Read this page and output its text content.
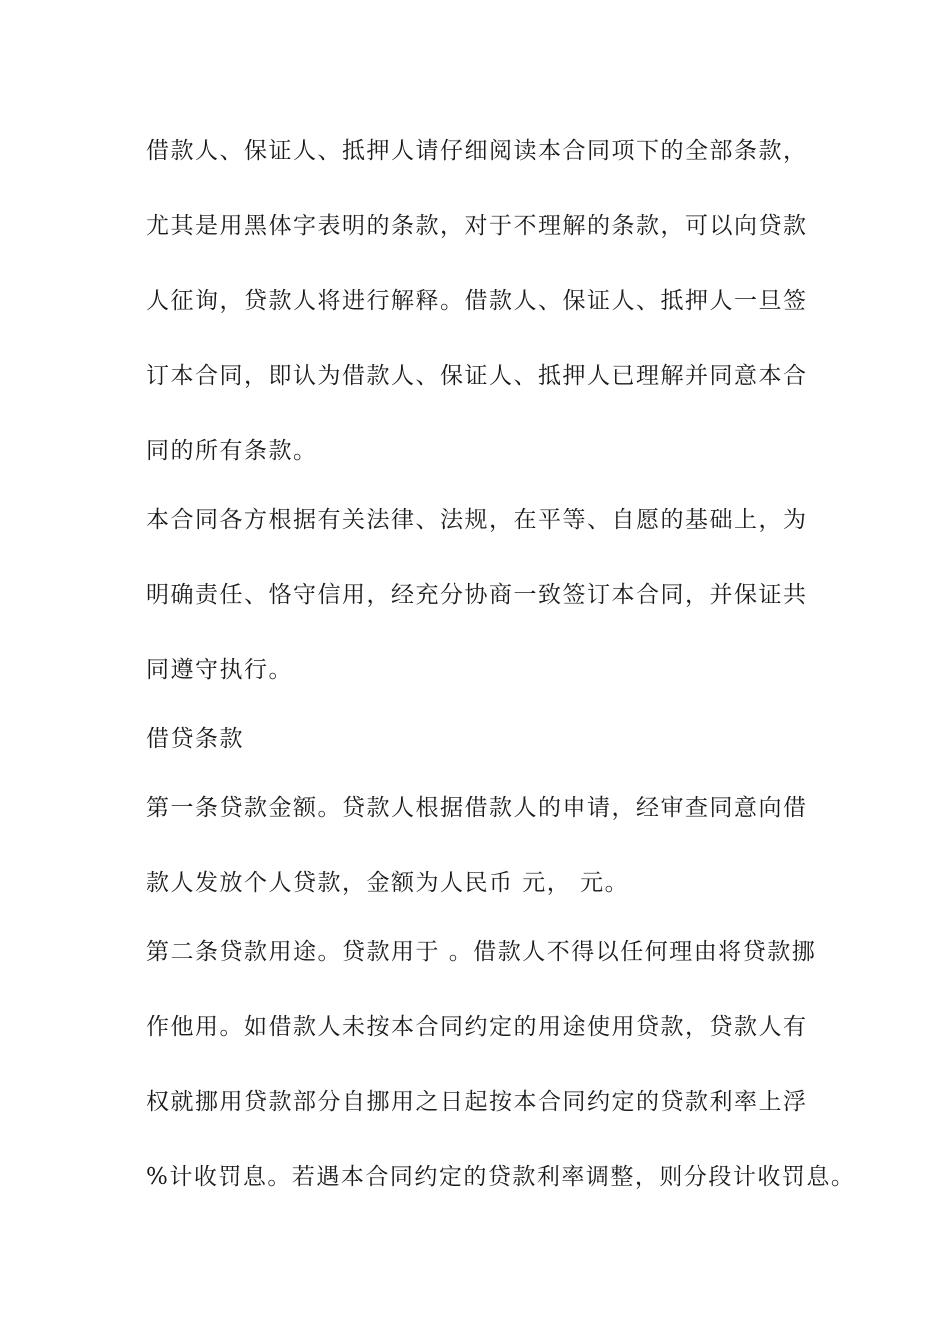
借款人、保证人、抵押人请仔细阅读本合同项下的全部条款，
尤其是用黑体字表明的条款，对于不理解的条款，可以向贷款
人征询，贷款人将进行解释。借款人、保证人、抵押人一旦签
订本合同，即认为借款人、保证人、抵押人已理解并同意本合
同的所有条款。
本合同各方根据有关法律、法规，在平等、自愿的基础上，为
明确责任、恪守信用，经充分协商一致签订本合同，并保证共
同遵守执行。
借贷条款
第一条贷款金额。贷款人根据借款人的申请，经审查同意向借
款人发放个人贷款，金额为人民币 元， 元。
第二条贷款用途。贷款用于 。借款人不得以任何理由将贷款挪
作他用。如借款人未按本合同约定的用途使用贷款，贷款人有
权就挪用贷款部分自挪用之日起按本合同约定的贷款利率上浮
%计收罚息。若遇本合同约定的贷款利率调整，则分段计收罚息。
